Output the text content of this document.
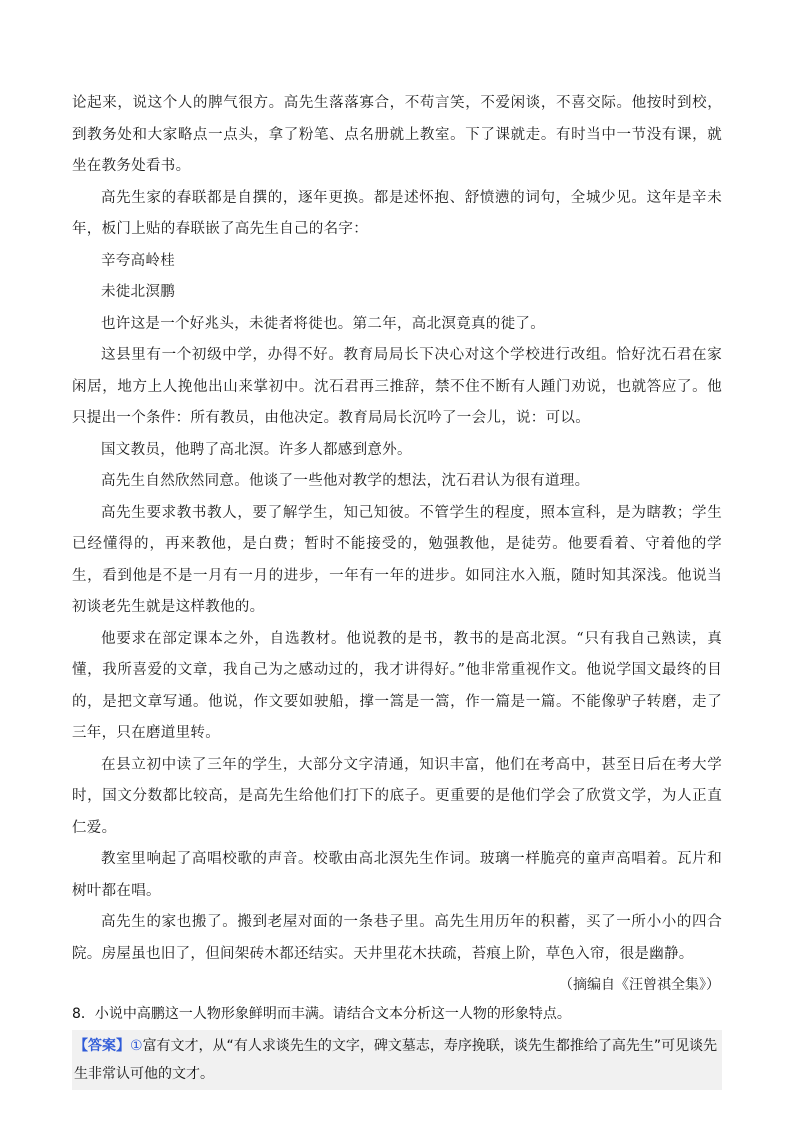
论起来，说这个人的脾气很方。高先生落落寡合，不苟言笑，不爱闲谈，不喜交际。他按时到校，到教务处和大家略点一点头，拿了粉笔、点名册就上教室。下了课就走。有时当中一节没有课，就坐在教务处看书。

高先生家的春联都是自撰的，逐年更换。都是述怀抱、舒愤懑的词句，全城少见。这年是辛未年，板门上贴的春联嵌了高先生自己的名字：

辛夸高岭桂

未徙北溟鹏

也许这是一个好兆头，未徙者将徙也。第二年，高北溟竟真的徙了。

这县里有一个初级中学，办得不好。教育局局长下决心对这个学校进行改组。恰好沈石君在家闲居，地方上人挽他出山来掌初中。沈石君再三推辞，禁不住不断有人踵门劝说，也就答应了。他只提出一个条件：所有教员，由他决定。教育局局长沉吟了一会儿，说：可以。

国文教员，他聘了高北溟。许多人都感到意外。

高先生自然欣然同意。他谈了一些他对教学的想法，沈石君认为很有道理。

高先生要求教书教人，要了解学生，知己知彼。不管学生的程度，照本宣科，是为瞎教；学生已经懂得的，再来教他，是白费；暂时不能接受的，勉强教他，是徒劳。他要看着、守着他的学生，看到他是不是一月有一月的进步，一年有一年的进步。如同注水入瓶，随时知其深浅。他说当初谈老先生就是这样教他的。

他要求在部定课本之外，自选教材。他说教的是书，教书的是高北溟。“只有我自己熟读，真懂，我所喜爱的文章，我自己为之感动过的，我才讲得好。”他非常重视作文。他说学国文最终的目的，是把文章写通。他说，作文要如驶船，撑一篙是一篙，作一篇是一篇。不能像驴子转磨，走了三年，只在磨道里转。

在县立初中读了三年的学生，大部分文字清通，知识丰富，他们在考高中，甚至日后在考大学时，国文分数都比较高，是高先生给他们打下的底子。更重要的是他们学会了欣赏文学，为人正直仁爱。

教室里响起了高唱校歌的声音。校歌由高北溟先生作词。玻璃一样脆亮的童声高唱着。瓦片和树叶都在唱。

高先生的家也搬了。搬到老屋对面的一条巷子里。高先生用历年的积蓄，买了一所小小的四合院。房屋虽也旧了，但间架砖木都还结实。天井里花木扶疏，苔痕上阶，草色入帘，很是幽静。

（摘编自《汪曾祺全集》）

8．小说中高鹏这一人物形象鲜明而丰满。请结合文本分析这一人物的形象特点。

【答案】①富有文才，从“有人求谈先生的文字，碑文墓志，寿序挽联，谈先生都推给了高先生”可见谈先生非常认可他的文才。
